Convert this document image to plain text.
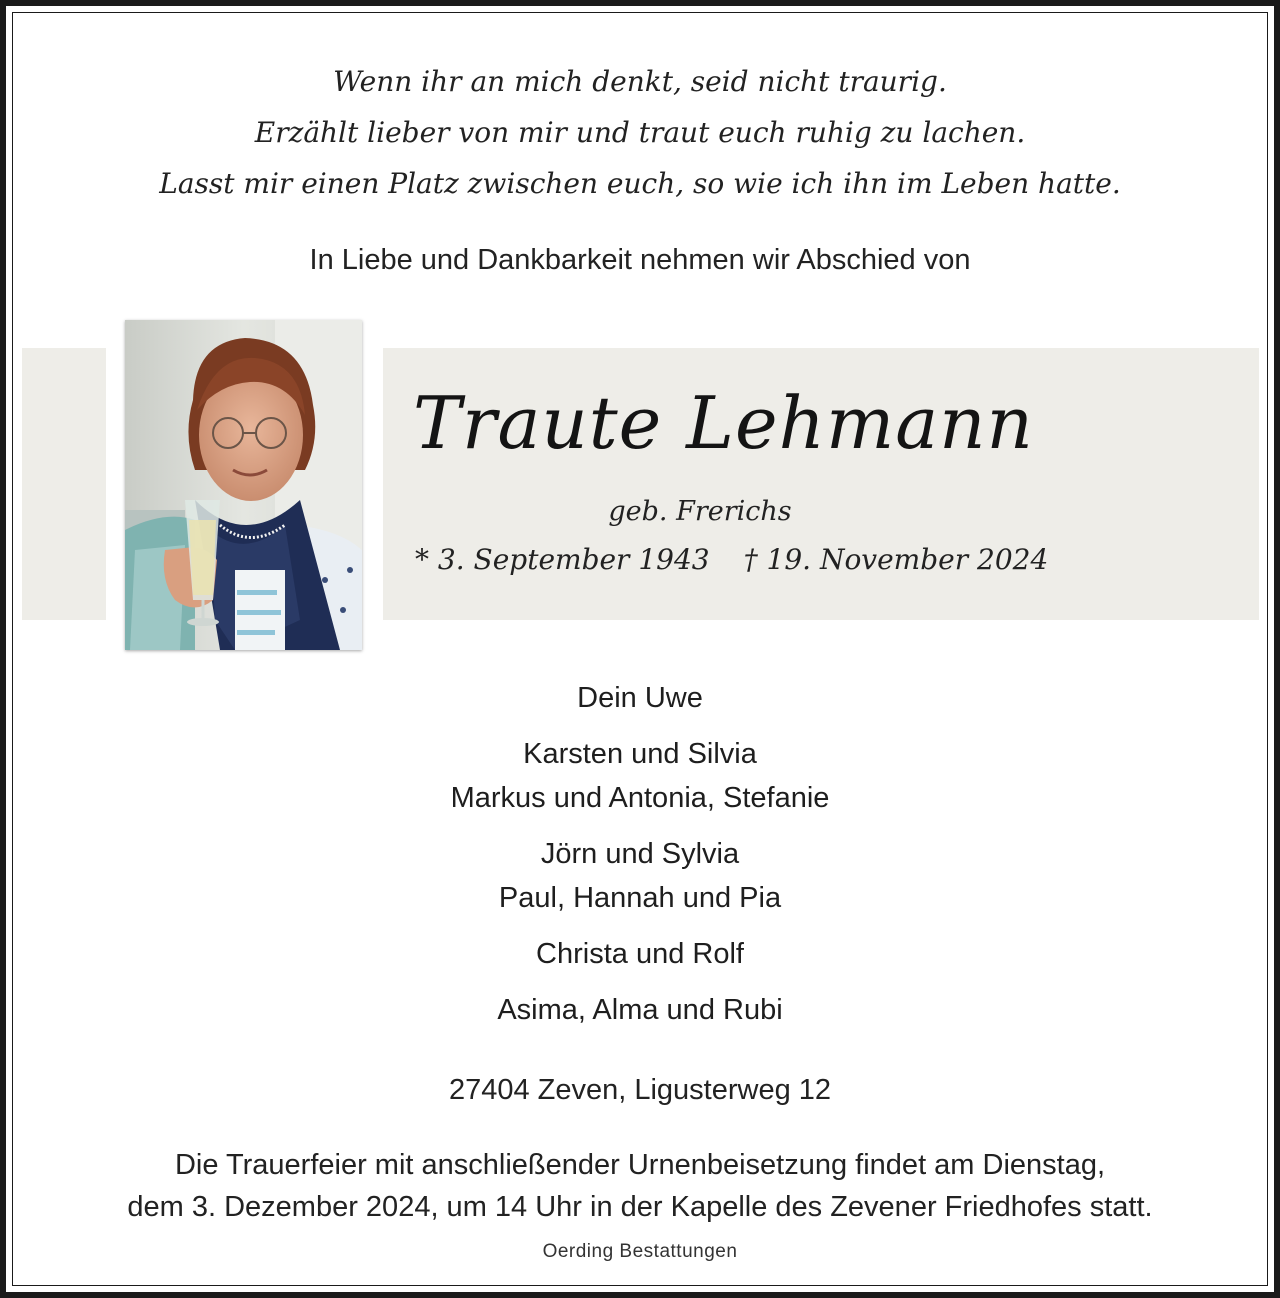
Wenn ihr an mich denkt, seid nicht traurig.
Erzählt lieber von mir und traut euch ruhig zu lachen.
Lasst mir einen Platz zwischen euch, so wie ich ihn im Leben hatte.
In Liebe und Dankbarkeit nehmen wir Abschied von
Traute Lehmann
geb. Frerichs
* 3. September 1943 † 19. November 2024
Dein Uwe
Karsten und Silvia
Markus und Antonia, Stefanie
Jörn und Sylvia
Paul, Hannah und Pia
Christa und Rolf
Asima, Alma und Rubi
27404 Zeven, Ligusterweg 12
Die Trauerfeier mit anschließender Urnenbeisetzung findet am Dienstag,
dem 3. Dezember 2024, um 14 Uhr in der Kapelle des Zevener Friedhofes statt.
Oerding Bestattungen
